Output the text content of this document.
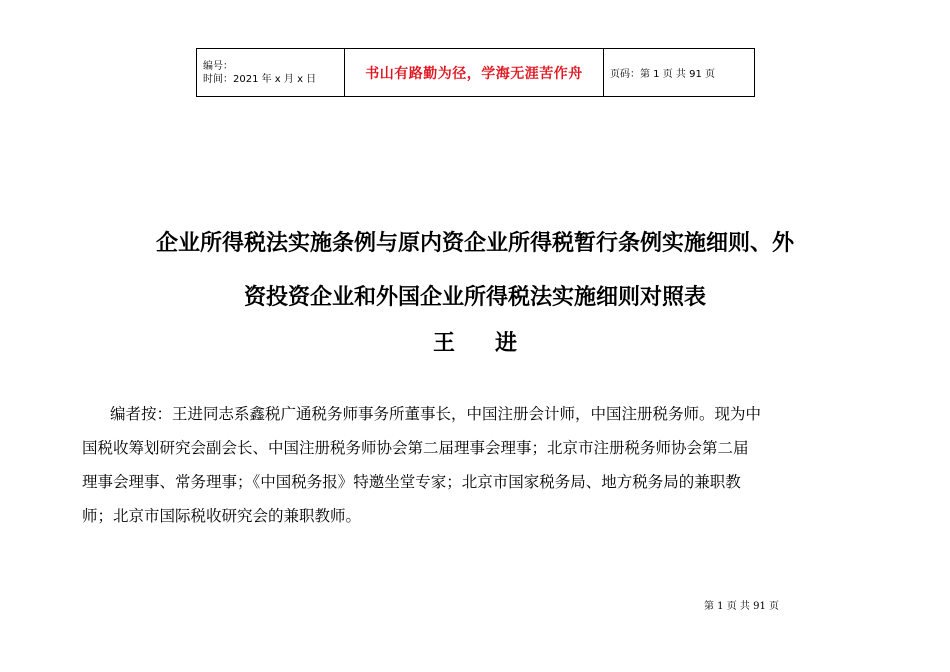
编号：
时间：2021 年 x 月 x 日	书山有路勤为径，学海无涯苦作舟	页码：第 1 页 共 91 页
企业所得税法实施条例与原内资企业所得税暂行条例实施细则、外
资投资企业和外国企业所得税法实施细则对照表
王进
编者按：王进同志系鑫税广通税务师事务所董事长，中国注册会计师，中国注册税务师。现为中
国税收筹划研究会副会长、中国注册税务师协会第二届理事会理事；北京市注册税务师协会第二届
理事会理事、常务理事；《中国税务报》特邀坐堂专家；北京市国家税务局、地方税务局的兼职教
师；北京市国际税收研究会的兼职教师。
第 1 页 共 91 页
